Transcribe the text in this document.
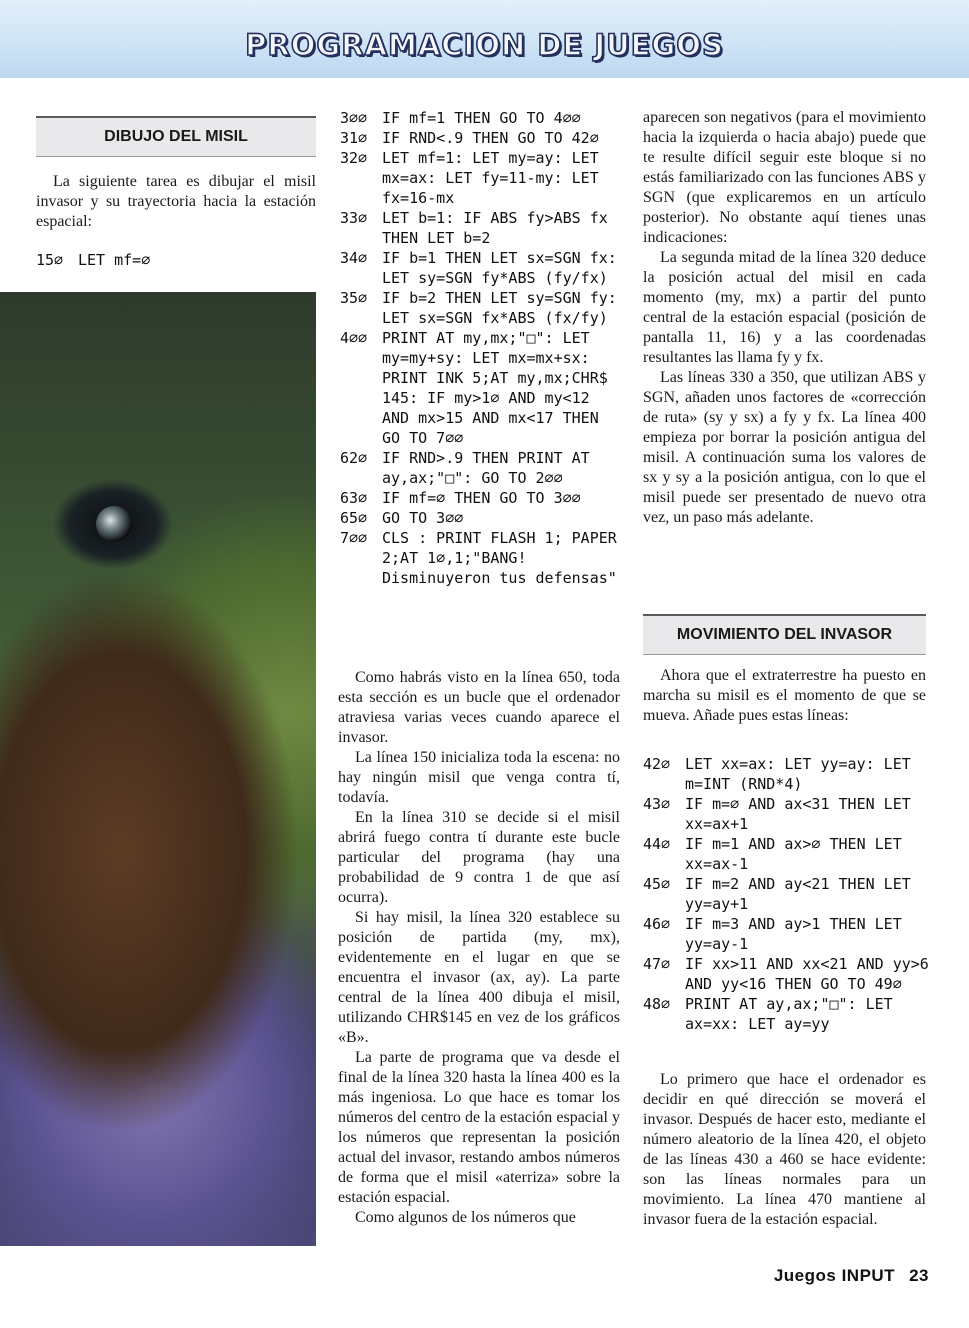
PROGRAMACION DE JUEGOS
DIBUJO DEL MISIL

La siguiente tarea es dibujar el misil invasor y su trayectoria hacia la estación espacial:

15⌀ LET mf=⌀
3⌀⌀ IF mf=1 THEN GO TO 4⌀⌀
31⌀ IF RND<.9 THEN GO TO 42⌀
32⌀ LET mf=1: LET my=ay: LET mx=ax: LET fy=11-my: LET fx=16-mx
33⌀ LET b=1: IF ABS fy>ABS fx THEN LET b=2
34⌀ IF b=1 THEN LET sx=SGN fx: LET sy=SGN fy*ABS (fy/fx)
35⌀ IF b=2 THEN LET sy=SGN fy: LET sx=SGN fx*ABS (fx/fy)
4⌀⌀ PRINT AT my,mx;"□": LET my=my+sy: LET mx=mx+sx: PRINT INK 5;AT my,mx;CHR$ 145: IF my>1⌀ AND my<12 AND mx>15 AND mx<17 THEN GO TO 7⌀⌀
62⌀ IF RND>.9 THEN PRINT AT ay,ax;"□": GO TO 2⌀⌀
63⌀ IF mf=⌀ THEN GO TO 3⌀⌀
65⌀ GO TO 3⌀⌀
7⌀⌀ CLS : PRINT FLASH 1; PAPER 2;AT 1⌀,1;"BANG! Disminuyeron tus defensas"

Como habrás visto en la línea 650, toda esta sección es un bucle que el ordenador atraviesa varias veces cuando aparece el invasor.

La línea 150 inicializa toda la escena: no hay ningún misil que venga contra tí, todavía.

En la línea 310 se decide si el misil abrirá fuego contra tí durante este bucle particular del programa (hay una probabilidad de 9 contra 1 de que así ocurra).

Si hay misil, la línea 320 establece su posición de partida (my, mx), evidentemente en el lugar en que se encuentra el invasor (ax, ay). La parte central de la línea 400 dibuja el misil, utilizando CHR$145 en vez de los gráficos «B».

La parte de programa que va desde el final de la línea 320 hasta la línea 400 es la más ingeniosa. Lo que hace es tomar los números del centro de la estación espacial y los números que representan la posición actual del invasor, restando ambos números de forma que el misil «aterriza» sobre la estación espacial.

Como algunos de los números que

aparecen son negativos (para el movimiento hacia la izquierda o hacia abajo) puede que te resulte difícil seguir este bloque si no estás familiarizado con las funciones ABS y SGN (que explicaremos en un artículo posterior). No obstante aquí tienes unas indicaciones:

La segunda mitad de la línea 320 deduce la posición actual del misil en cada momento (my, mx) a partir del punto central de la estación espacial (posición de pantalla 11, 16) y a las coordenadas resultantes las llama fy y fx.

Las líneas 330 a 350, que utilizan ABS y SGN, añaden unos factores de «corrección de ruta» (sy y sx) a fy y fx. La línea 400 empieza por borrar la posición antigua del misil. A continuación suma los valores de sx y sy a la posición antigua, con lo que el misil puede ser presentado de nuevo otra vez, un paso más adelante.

MOVIMIENTO DEL INVASOR

Ahora que el extraterrestre ha puesto en marcha su misil es el momento de que se mueva. Añade pues estas líneas:

42⌀ LET xx=ax: LET yy=ay: LET m=INT (RND*4)
43⌀ IF m=⌀ AND ax<31 THEN LET xx=ax+1
44⌀ IF m=1 AND ax>⌀ THEN LET xx=ax-1
45⌀ IF m=2 AND ay<21 THEN LET yy=ay+1
46⌀ IF m=3 AND ay>1 THEN LET yy=ay-1
47⌀ IF xx>11 AND xx<21 AND yy>6 AND yy<16 THEN GO TO 49⌀
48⌀ PRINT AT ay,ax;"□": LET ax=xx: LET ay=yy

Lo primero que hace el ordenador es decidir en qué dirección se moverá el invasor. Después de hacer esto, mediante el número aleatorio de la línea 420, el objeto de las líneas 430 a 460 se hace evidente: son las líneas normales para un movimiento. La línea 470 mantiene al invasor fuera de la estación espacial.

Juegos INPUT 23
